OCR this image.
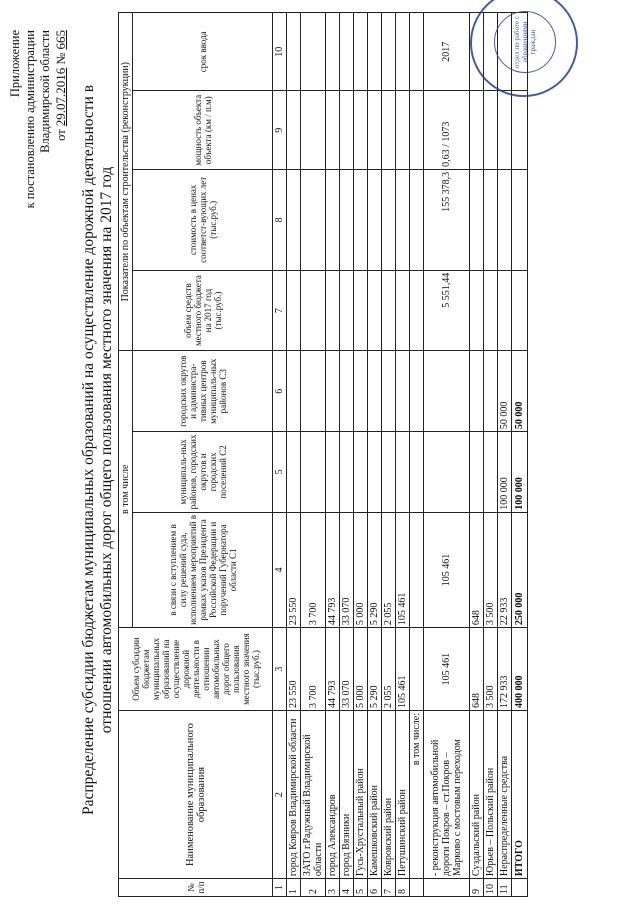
Приложение к постановлению администрации Владимирской области от 29.07.2016 № 665
Распределение субсидии бюджетам муниципальных образований на осуществление дорожной деятельности в отношении автомобильных дорог общего пользования местного значения на 2017 год
№ п/п	Наименование муниципального образования	Объем субсидии бюджетам муниципальных образований на осуществление дорожной деятельности в отношении автомобильных дорог общего пользования местного значения (тыс.руб.)	в том числе			Показатели по объектам строительства (реконструкции)			
			в связи с вступлением в силу решений суда, исполнением мероприятий в рамках указов Президента Российской Федерации и поручений Губернатора области С1	муниципаль-ных районов, городских округов и городских поселений С2	городских округов и администра-тивных центров муниципаль-ных районов С3	объем средств местного бюджета на 2017 год (тыс.руб.)	стоимость в ценах соответст-вующих лет (тыс.руб.)	мощность объекта объекта (км / п.м)	срок ввода
1	2	3	4	5	6	7	8	9	10
1	город Ковров Владимирской области	23 550	23 550						
2	ЗАТО г.Радужный Владимирской области	3 700	3 700						
3	город Александров	44 793	44 793						
4	город Вязники	33 070	33 070						
5	Гусь-Хрустальный район	5 000	5 000						
6	Камешковский район	5 290	5 290						
7	Ковровский район	2 055	2 055						
8	Петушинский район	105 461	105 461						
	в том числе:								
	- реконструкция автомобильной дороги Покров – ст.Покров – Марково с мостовым переходом	105 461	105 461			5 551,44	155 378,3	0,63 / 1073	2017
9	Суздальский район	648	648						
10	Юрьев – Польский район	3 500	3 500						
11	Нераспределенные средства	172 933	22 933	100 000	50 000				
	ИТОГО	400 000	250 000	100 000	50 000				
отдел по работе с обращениями граждан
